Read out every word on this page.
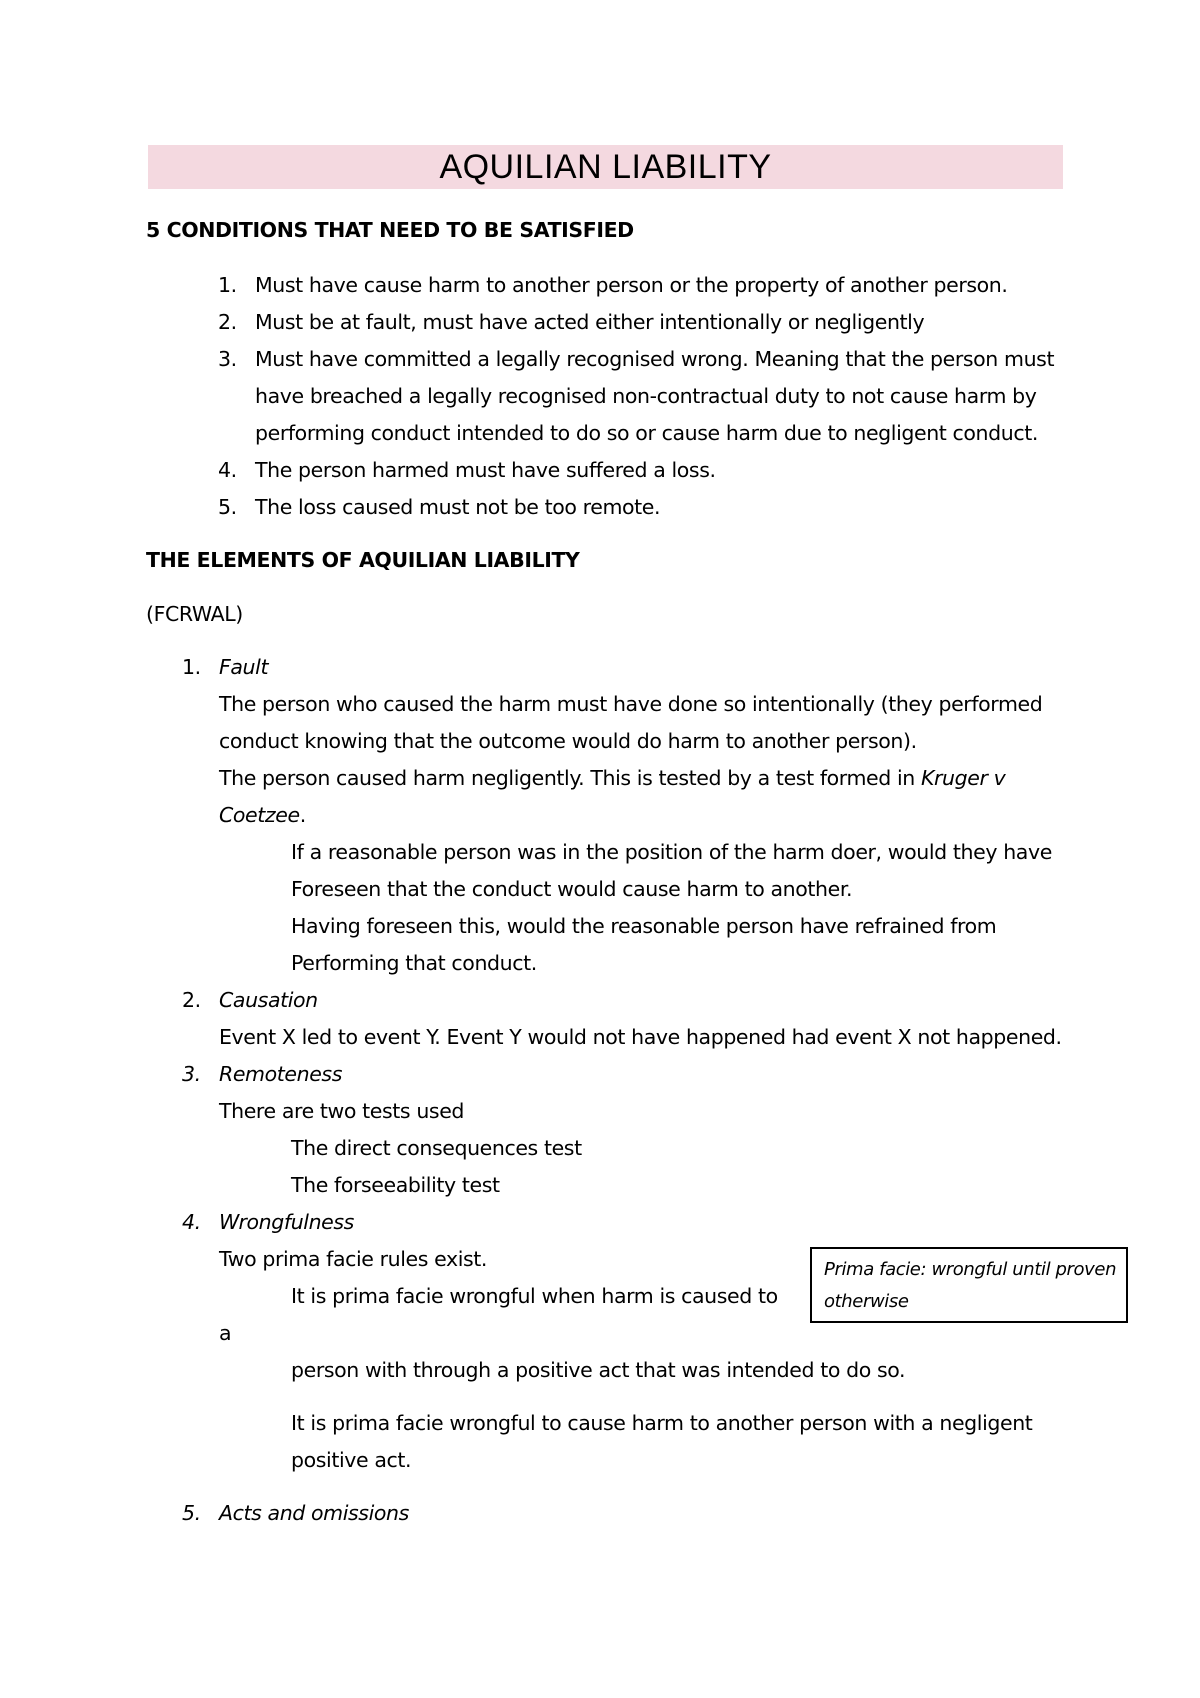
AQUILIAN LIABILITY
5 CONDITIONS THAT NEED TO BE SATISFIED
1. Must have cause harm to another person or the property of another person.
2. Must be at fault, must have acted either intentionally or negligently
3. Must have committed a legally recognised wrong. Meaning that the person must
have breached a legally recognised non-contractual duty to not cause harm by
performing conduct intended to do so or cause harm due to negligent conduct.
4. The person harmed must have suffered a loss.
5. The loss caused must not be too remote.
THE ELEMENTS OF AQUILIAN LIABILITY
(FCRWAL)
1. Fault
The person who caused the harm must have done so intentionally (they performed
conduct knowing that the outcome would do harm to another person).
The person caused harm negligently. This is tested by a test formed in Kruger v
Coetzee.
If a reasonable person was in the position of the harm doer, would they have
Foreseen that the conduct would cause harm to another.
Having foreseen this, would the reasonable person have refrained from
Performing that conduct.
2. Causation
Event X led to event Y. Event Y would not have happened had event X not happened.
3. Remoteness
There are two tests used
The direct consequences test
The forseeability test
4. Wrongfulness
Two prima facie rules exist.
It is prima facie wrongful when harm is caused to
a
person with through a positive act that was intended to do so.
It is prima facie wrongful to cause harm to another person with a negligent
positive act.
Prima facie: wrongful until proven otherwise
5. Acts and omissions
